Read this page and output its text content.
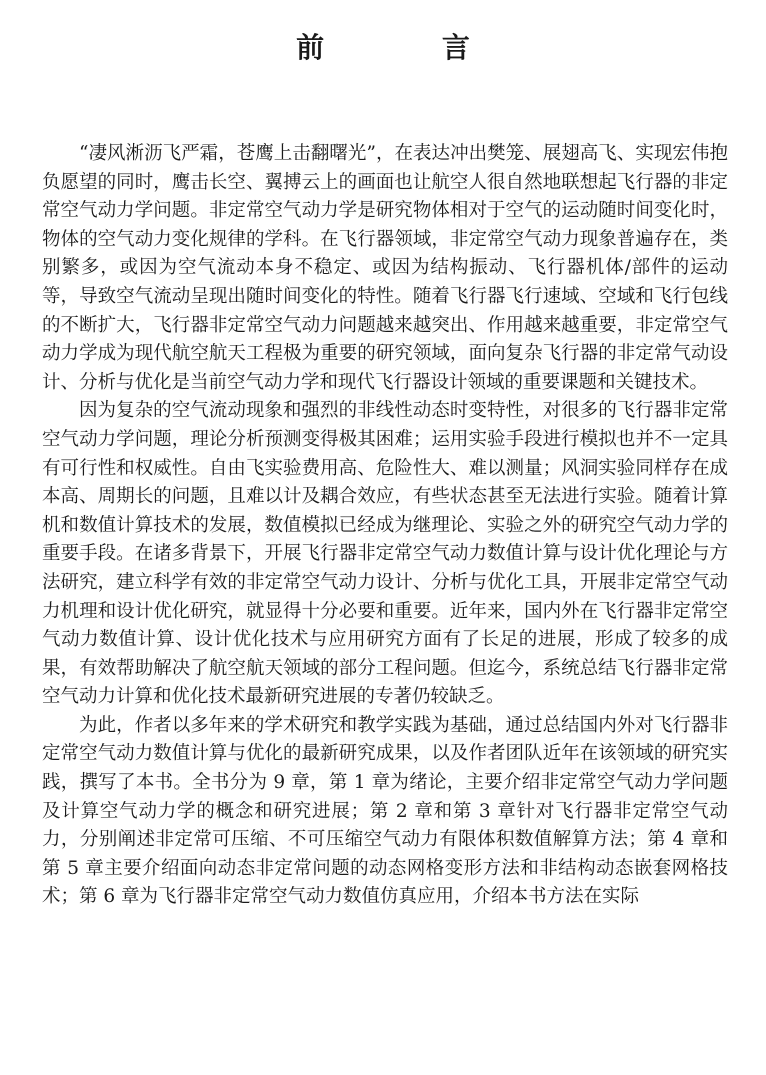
前 言

“凄风淅沥飞严霜，苍鹰上击翻曙光”，在表达冲出樊笼、展翅高飞、实现宏伟抱负愿望的同时，鹰击长空、翼搏云上的画面也让航空人很自然地联想起飞行器的非定常空气动力学问题。非定常空气动力学是研究物体相对于空气的运动随时间变化时，物体的空气动力变化规律的学科。在飞行器领域，非定常空气动力现象普遍存在，类别繁多，或因为空气流动本身不稳定、或因为结构振动、飞行器机体/部件的运动等，导致空气流动呈现出随时间变化的特性。随着飞行器飞行速域、空域和飞行包线的不断扩大，飞行器非定常空气动力问题越来越突出、作用越来越重要，非定常空气动力学成为现代航空航天工程极为重要的研究领域，面向复杂飞行器的非定常气动设计、分析与优化是当前空气动力学和现代飞行器设计领域的重要课题和关键技术。

因为复杂的空气流动现象和强烈的非线性动态时变特性，对很多的飞行器非定常空气动力学问题，理论分析预测变得极其困难；运用实验手段进行模拟也并不一定具有可行性和权威性。自由飞实验费用高、危险性大、难以测量；风洞实验同样存在成本高、周期长的问题，且难以计及耦合效应，有些状态甚至无法进行实验。随着计算机和数值计算技术的发展，数值模拟已经成为继理论、实验之外的研究空气动力学的重要手段。在诸多背景下，开展飞行器非定常空气动力数值计算与设计优化理论与方法研究，建立科学有效的非定常空气动力设计、分析与优化工具，开展非定常空气动力机理和设计优化研究，就显得十分必要和重要。近年来，国内外在飞行器非定常空气动力数值计算、设计优化技术与应用研究方面有了长足的进展，形成了较多的成果，有效帮助解决了航空航天领域的部分工程问题。但迄今，系统总结飞行器非定常空气动力计算和优化技术最新研究进展的专著仍较缺乏。

为此，作者以多年来的学术研究和教学实践为基础，通过总结国内外对飞行器非定常空气动力数值计算与优化的最新研究成果，以及作者团队近年在该领域的研究实践，撰写了本书。全书分为 9 章，第 1 章为绪论，主要介绍非定常空气动力学问题及计算空气动力学的概念和研究进展；第 2 章和第 3 章针对飞行器非定常空气动力，分别阐述非定常可压缩、不可压缩空气动力有限体积数值解算方法；第 4 章和第 5 章主要介绍面向动态非定常问题的动态网格变形方法和非结构动态嵌套网格技术；第 6 章为飞行器非定常空气动力数值仿真应用，介绍本书方法在实际
